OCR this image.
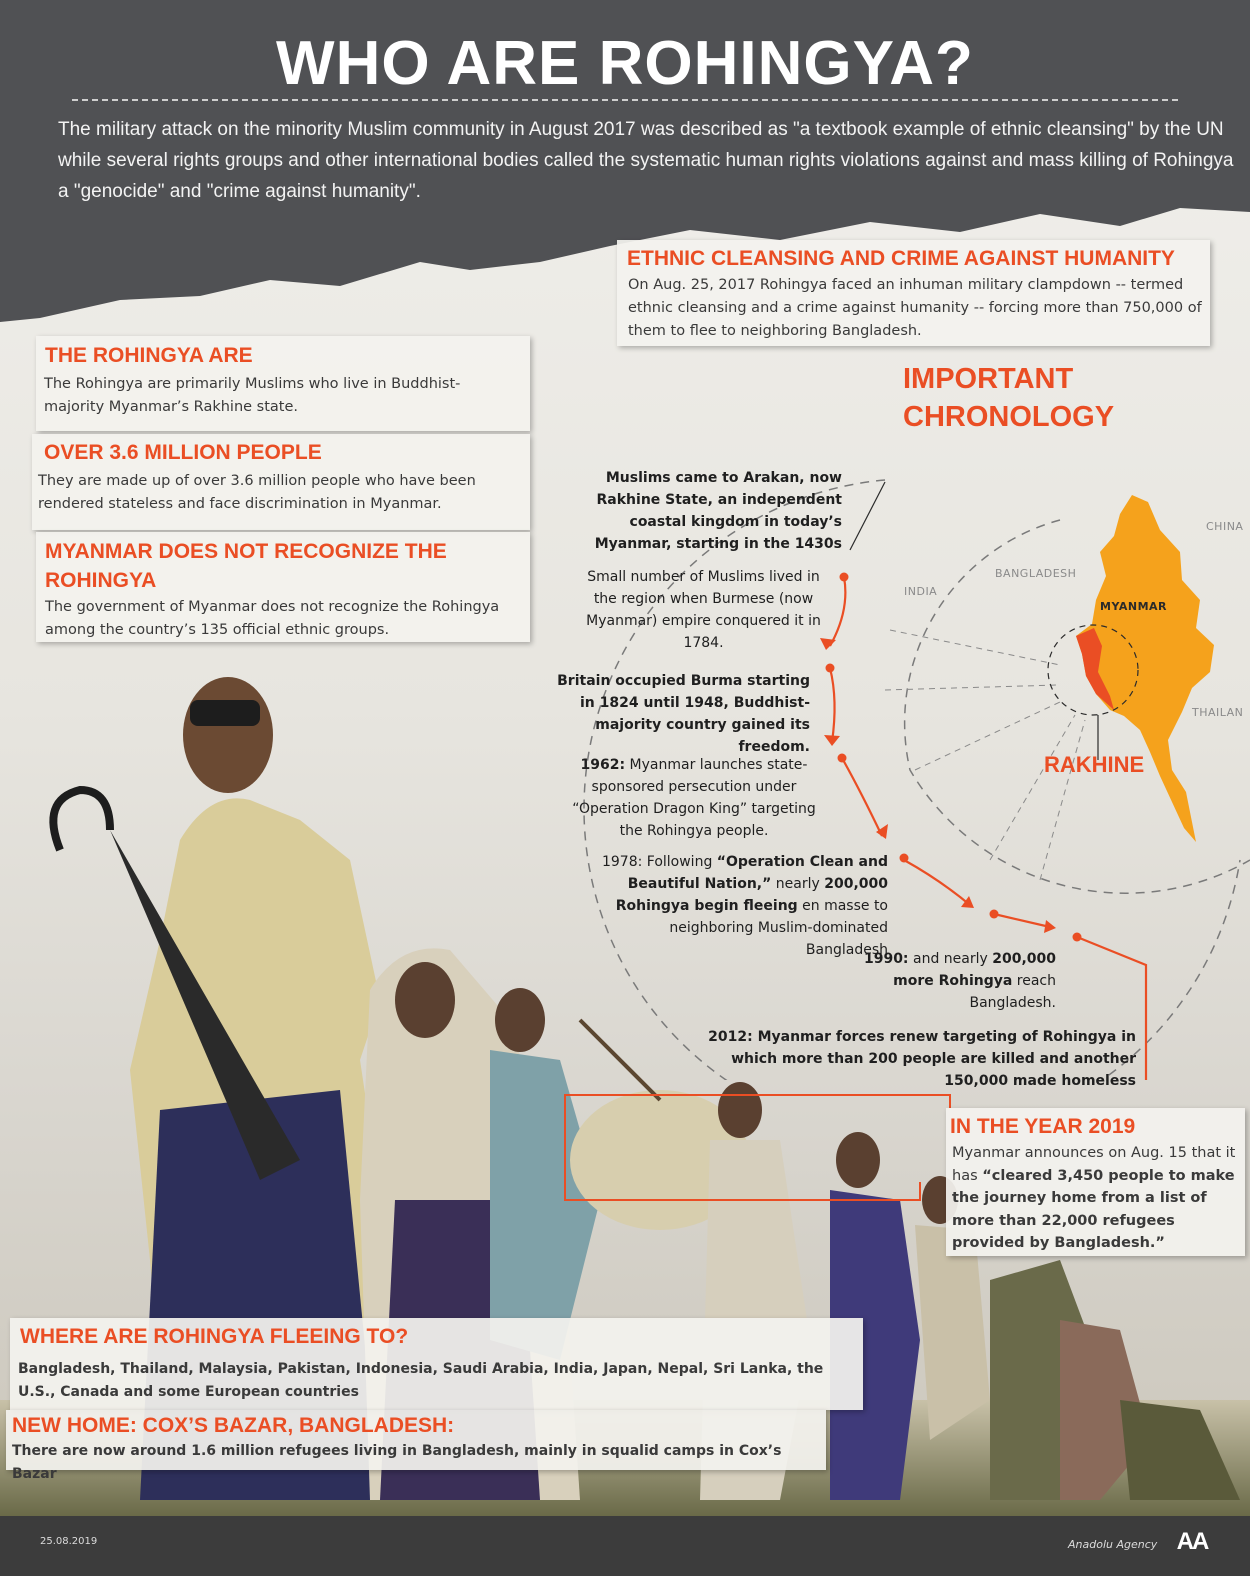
WHO ARE ROHINGYA?
The military attack on the minority Muslim community in August 2017 was described as "a textbook example of ethnic cleansing" by the UN while several rights groups and other international bodies called the systematic human rights violations against and mass killing of Rohingya a "genocide" and "crime against humanity".
ETHNIC CLEANSING AND CRIME AGAINST HUMANITY
On Aug. 25, 2017 Rohingya faced an inhuman military clampdown -- termed ethnic cleansing and a crime against humanity -- forcing more than 750,000 of them to flee to neighboring Bangladesh.
THE ROHINGYA ARE
The Rohingya are primarily Muslims who live in Buddhist-majority Myanmar’s Rakhine state.
OVER 3.6 MILLION PEOPLE
They are made up of over 3.6 million people who have been rendered stateless and face discrimination in Myanmar.
MYANMAR DOES NOT RECOGNIZE THE
ROHINGYA
The government of Myanmar does not recognize the Rohingya among the country’s 135 official ethnic groups.
IMPORTANT
CHRONOLOGY
CHINA
BANGLADESH
INDIA
MYANMAR
THAILAN
RAKHINE
Muslims came to Arakan, now Rakhine State, an independent coastal kingdom in today’s Myanmar, starting in the 1430s
Small number of Muslims lived in the region when Burmese (now Myanmar) empire conquered it in 1784.
Britain occupied Burma starting in 1824 until 1948, Buddhist-majority country gained its freedom.
1962: Myanmar launches state-sponsored persecution under “Operation Dragon King” targeting the Rohingya people.
1978: Following “Operation Clean and Beautiful Nation,” nearly 200,000 Rohingya begin fleeing en masse to neighboring Muslim-dominated Bangladesh
1990: and nearly 200,000 more Rohingya reach Bangladesh.
2012: Myanmar forces renew targeting of Rohingya in which more than 200 people are killed and another 150,000 made homeless
IN THE YEAR 2019
Myanmar announces on Aug. 15 that it has “cleared 3,450 people to make the journey home from a list of more than 22,000 refugees provided by Bangladesh.”
WHERE ARE ROHINGYA FLEEING TO?
Bangladesh, Thailand, Malaysia, Pakistan, Indonesia, Saudi Arabia, India, Japan, Nepal, Sri Lanka, the U.S., Canada and some European countries
NEW HOME: COX’S BAZAR, BANGLADESH:
There are now around 1.6 million refugees living in Bangladesh, mainly in squalid camps in Cox’s Bazar
25.08.2019	Anadolu Agency AA
